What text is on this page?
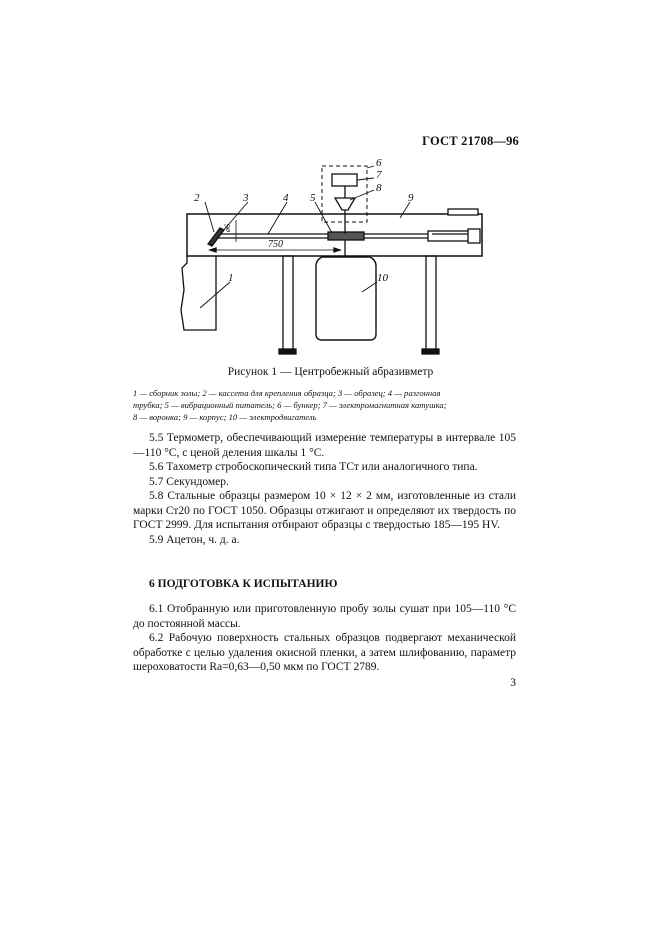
ГОСТ 21708—96
2	3	4 5
6
7
8
9
10
1
750
ø6
Рисунок 1 — Центробежный абразивметр
1 — сборник золы; 2 — кассета для крепления образца; 3 — образец; 4 — разгонная
трубка; 5 — вибрационный питатель; 6 — бункер; 7 — электромагнитная катушка;
8 — воронка; 9 — корпус; 10 — электродвигатель

5.5 Термометр, обеспечивающий измерение температуры в интервале 105—110 °С, с ценой деления шкалы 1 °С.

5.6 Тахометр стробоскопический типа ТСт или аналогичного типа.

5.7 Секундомер.

5.8 Стальные образцы размером 10 × 12 × 2 мм, изготовленные из стали марки Ст20 по ГОСТ 1050. Образцы отжигают и определяют их твердость по ГОСТ 2999. Для испытания отбирают образцы с твердостью 185—195 HV.

5.9 Ацетон, ч. д. а.

6 ПОДГОТОВКА К ИСПЫТАНИЮ

6.1 Отобранную или приготовленную пробу золы сушат при 105—110 °С до постоянной массы.

6.2 Рабочую поверхность стальных образцов подвергают механической обработке с целью удаления окисной пленки, а затем шлифованию, параметр шероховатости Ra=0,63—0,50 мкм по ГОСТ 2789.

3
